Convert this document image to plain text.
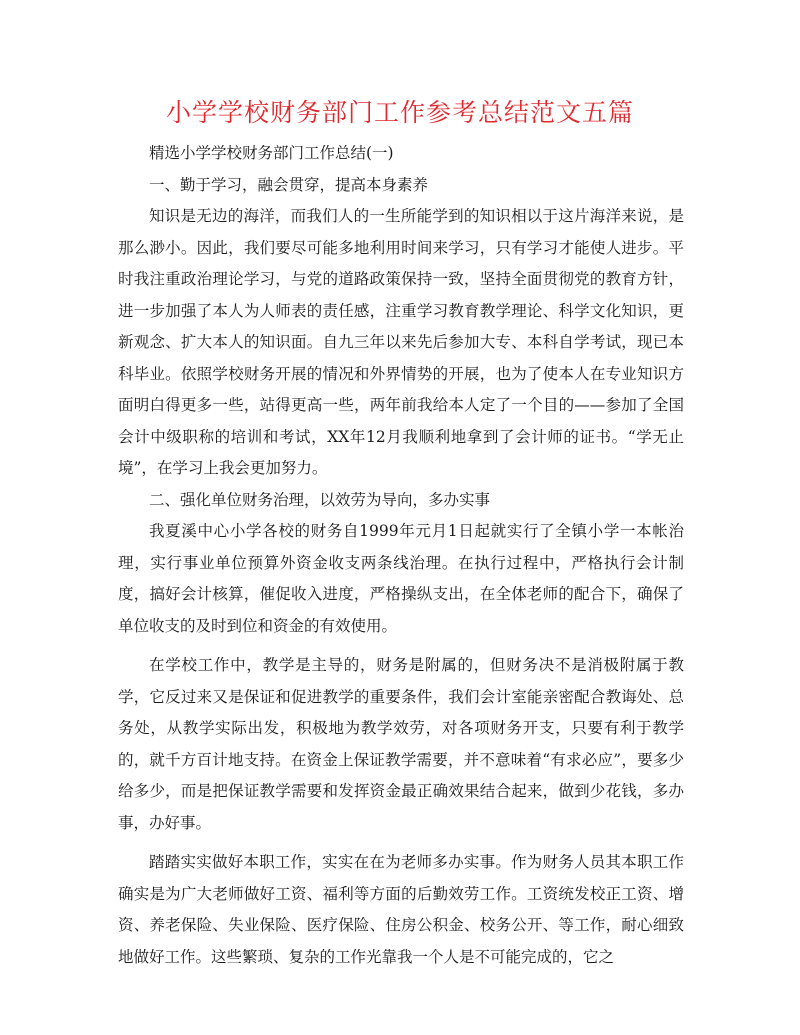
小学学校财务部门工作参考总结范文五篇

精选小学学校财务部门工作总结(一)

一、勤于学习，融会贯穿，提高本身素养

知识是无边的海洋，而我们人的一生所能学到的知识相以于这片海洋来说，是那么渺小。因此，我们要尽可能多地利用时间来学习，只有学习才能使人进步。平时我注重政治理论学习，与党的道路政策保持一致，坚持全面贯彻党的教育方针，进一步加强了本人为人师表的责任感，注重学习教育教学理论、科学文化知识，更新观念、扩大本人的知识面。自九三年以来先后参加大专、本科自学考试，现已本科毕业。依照学校财务开展的情况和外界情势的开展，也为了使本人在专业知识方面明白得更多一些，站得更高一些，两年前我给本人定了一个目的——参加了全国会计中级职称的培训和考试，XX年12月我顺利地拿到了会计师的证书。“学无止境”，在学习上我会更加努力。

二、强化单位财务治理，以效劳为导向，多办实事

我夏溪中心小学各校的财务自1999年元月1日起就实行了全镇小学一本帐治理，实行事业单位预算外资金收支两条线治理。在执行过程中，严格执行会计制度，搞好会计核算，催促收入进度，严格操纵支出，在全体老师的配合下，确保了单位收支的及时到位和资金的有效使用。

在学校工作中，教学是主导的，财务是附属的，但财务决不是消极附属于教学，它反过来又是保证和促进教学的重要条件，我们会计室能亲密配合教诲处、总务处，从教学实际出发，积极地为教学效劳，对各项财务开支，只要有利于教学的，就千方百计地支持。在资金上保证教学需要，并不意味着“有求必应”，要多少给多少，而是把保证教学需要和发挥资金最正确效果结合起来，做到少花钱，多办事，办好事。

踏踏实实做好本职工作，实实在在为老师多办实事。作为财务人员其本职工作确实是为广大老师做好工资、福利等方面的后勤效劳工作。工资统发校正工资、增资、养老保险、失业保险、医疗保险、住房公积金、校务公开、等工作，耐心细致地做好工作。这些繁琐、复杂的工作光靠我一个人是不可能完成的，它之
